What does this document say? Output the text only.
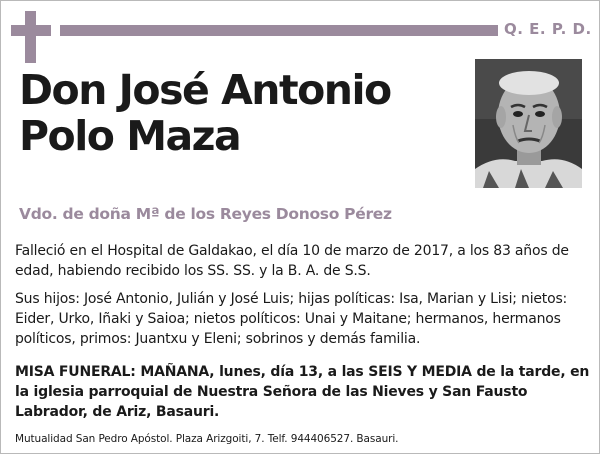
Q. E. P. D.
Don José Antonio
Polo Maza
Vdo. de doña Mª de los Reyes Donoso Pérez

Falleció en el Hospital de Galdakao, el día 10 de marzo de 2017, a los 83 años de edad, habiendo recibido los SS. SS. y la B. A. de S.S.

Sus hijos: José Antonio, Julián y José Luis; hijas políticas: Isa, Marian y Lisi; nietos: Eider, Urko, Iñaki y Saioa; nietos políticos: Unai y Maitane; hermanos, hermanos políticos, primos: Juantxu y Eleni; sobrinos y demás familia.

MISA FUNERAL: MAÑANA, lunes, día 13, a las SEIS Y MEDIA de la tarde, en la iglesia parroquial de Nuestra Señora de las Nieves y San Fausto Labrador, de Ariz, Basauri.

Mutualidad San Pedro Apóstol. Plaza Arizgoiti, 7. Telf. 944406527. Basauri.
